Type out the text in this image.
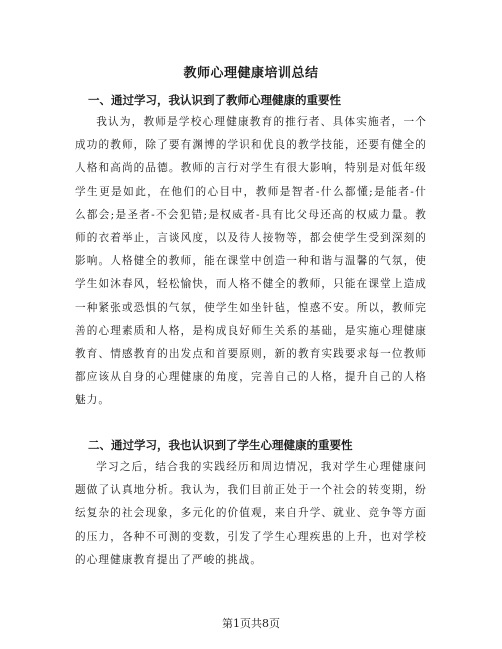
教师心理健康培训总结
一、通过学习，我认识到了教师心理健康的重要性

我认为，教师是学校心理健康教育的推行者、具体实施者，一个成功的教师，除了要有渊博的学识和优良的教学技能，还要有健全的人格和高尚的品德。教师的言行对学生有很大影响，特别是对低年级学生更是如此，在他们的心目中，教师是智者-什么都懂;是能者-什么都会;是圣者-不会犯错;是权威者-具有比父母还高的权威力量。教师的衣着举止，言谈风度，以及待人接物等，都会使学生受到深刻的影响。人格健全的教师，能在课堂中创造一种和谐与温馨的气氛，使学生如沐春风，轻松愉快，而人格不健全的教师，只能在课堂上造成一种紧张或恐惧的气氛，使学生如坐针毡，惶惑不安。所以，教师完善的心理素质和人格，是构成良好师生关系的基础，是实施心理健康教育、情感教育的出发点和首要原则，新的教育实践要求每一位教师都应该从自身的心理健康的角度，完善自己的人格，提升自己的人格魅力。

二、通过学习，我也认识到了学生心理健康的重要性

学习之后，结合我的实践经历和周边情况，我对学生心理健康问题做了认真地分析。我认为，我们目前正处于一个社会的转变期，纷纭复杂的社会现象，多元化的价值观，来自升学、就业、竞争等方面的压力，各种不可测的变数，引发了学生心理疾患的上升，也对学校的心理健康教育提出了严峻的挑战。

第1页共8页
